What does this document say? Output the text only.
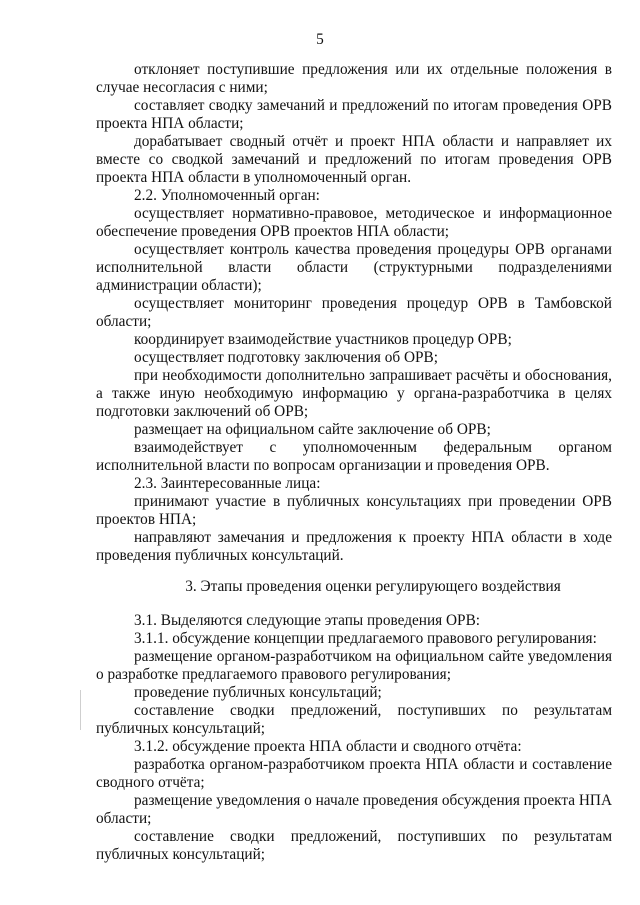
5

отклоняет поступившие предложения или их отдельные положения в случае несогласия с ними;

составляет сводку замечаний и предложений по итогам проведения ОРВ проекта НПА области;

дорабатывает сводный отчёт и проект НПА области и направляет их вместе со сводкой замечаний и предложений по итогам проведения ОРВ проекта НПА области в уполномоченный орган.

2.2. Уполномоченный орган:

осуществляет нормативно-правовое, методическое и информационное обеспечение проведения ОРВ проектов НПА области;

осуществляет контроль качества проведения процедуры ОРВ органами исполнительной власти области (структурными подразделениями администрации области);

осуществляет мониторинг проведения процедур ОРВ в Тамбовской области;

координирует взаимодействие участников процедур ОРВ;

осуществляет подготовку заключения об ОРВ;

при необходимости дополнительно запрашивает расчёты и обоснования, а также иную необходимую информацию у органа-разработчика в целях подготовки заключений об ОРВ;

размещает на официальном сайте заключение об ОРВ;

взаимодействует с уполномоченным федеральным органом исполнительной власти по вопросам организации и проведения ОРВ.

2.3. Заинтересованные лица:

принимают участие в публичных консультациях при проведении ОРВ проектов НПА;

направляют замечания и предложения к проекту НПА области в ходе проведения публичных консультаций.

3. Этапы проведения оценки регулирующего воздействия

3.1. Выделяются следующие этапы проведения ОРВ:

3.1.1. обсуждение концепции предлагаемого правового регулирования:

размещение органом-разработчиком на официальном сайте уведомления о разработке предлагаемого правового регулирования;

проведение публичных консультаций;

составление сводки предложений, поступивших по результатам публичных консультаций;

3.1.2. обсуждение проекта НПА области и сводного отчёта:

разработка органом-разработчиком проекта НПА области и составление сводного отчёта;

размещение уведомления о начале проведения обсуждения проекта НПА области;

составление сводки предложений, поступивших по результатам публичных консультаций;
